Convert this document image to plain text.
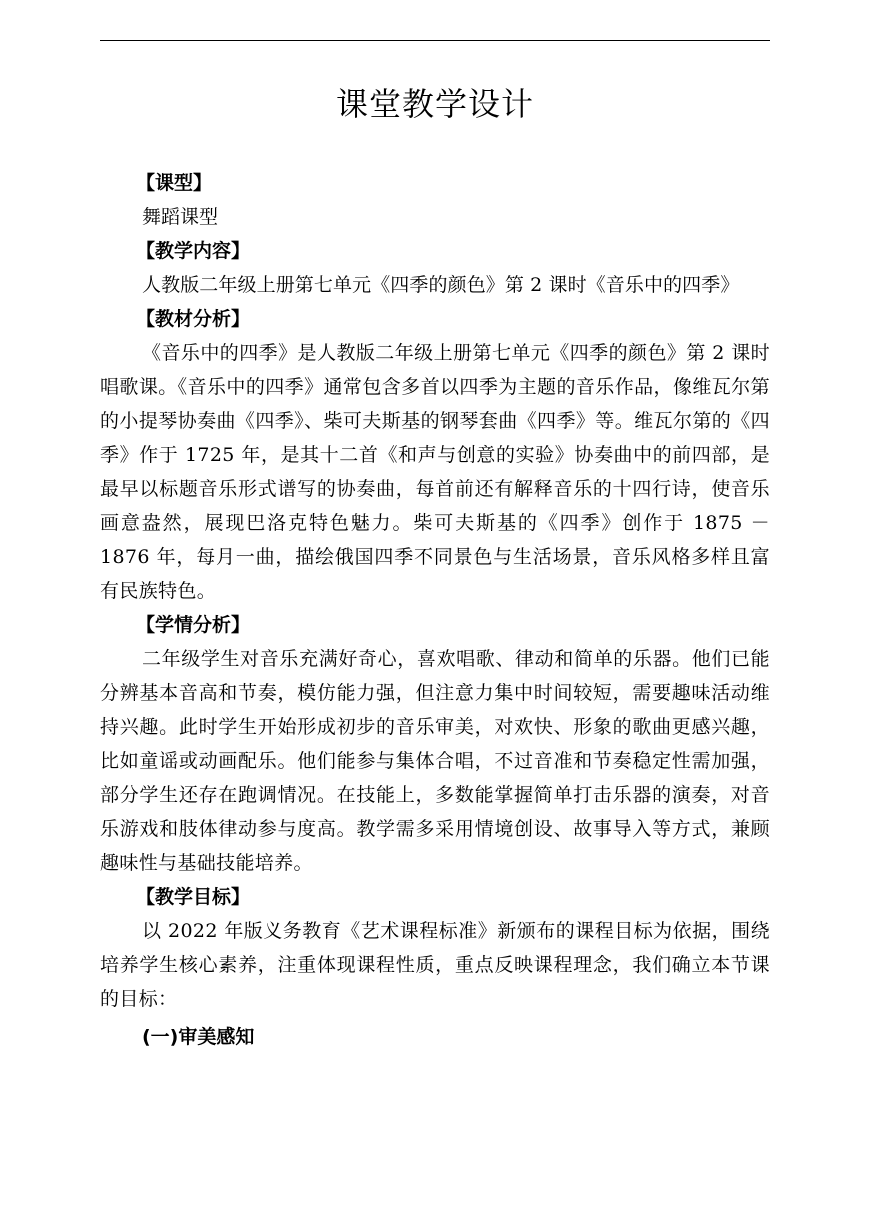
课堂教学设计
【课型】
舞蹈课型
【教学内容】
人教版二年级上册第七单元《四季的颜色》第 2 课时《音乐中的四季》
【教材分析】
《音乐中的四季》是人教版二年级上册第七单元《四季的颜色》第 2 课时唱歌课。《音乐中的四季》通常包含多首以四季为主题的音乐作品，像维瓦尔第的小提琴协奏曲《四季》、柴可夫斯基的钢琴套曲《四季》等。维瓦尔第的《四季》作于 1725 年，是其十二首《和声与创意的实验》协奏曲中的前四部，是最早以标题音乐形式谱写的协奏曲，每首前还有解释音乐的十四行诗，使音乐画意盎然，展现巴洛克特色魅力。柴可夫斯基的《四季》创作于 1875 － 1876 年，每月一曲，描绘俄国四季不同景色与生活场景，音乐风格多样且富有民族特色。
【学情分析】
二年级学生对音乐充满好奇心，喜欢唱歌、律动和简单的乐器。他们已能分辨基本音高和节奏，模仿能力强，但注意力集中时间较短，需要趣味活动维持兴趣。此时学生开始形成初步的音乐审美，对欢快、形象的歌曲更感兴趣，比如童谣或动画配乐。他们能参与集体合唱，不过音准和节奏稳定性需加强，部分学生还存在跑调情况。在技能上，多数能掌握简单打击乐器的演奏，对音乐游戏和肢体律动参与度高。教学需多采用情境创设、故事导入等方式，兼顾趣味性与基础技能培养。
【教学目标】
以 2022 年版义务教育《艺术课程标准》新颁布的课程目标为依据，围绕培养学生核心素养，注重体现课程性质，重点反映课程理念，我们确立本节课的目标：
(一)审美感知
